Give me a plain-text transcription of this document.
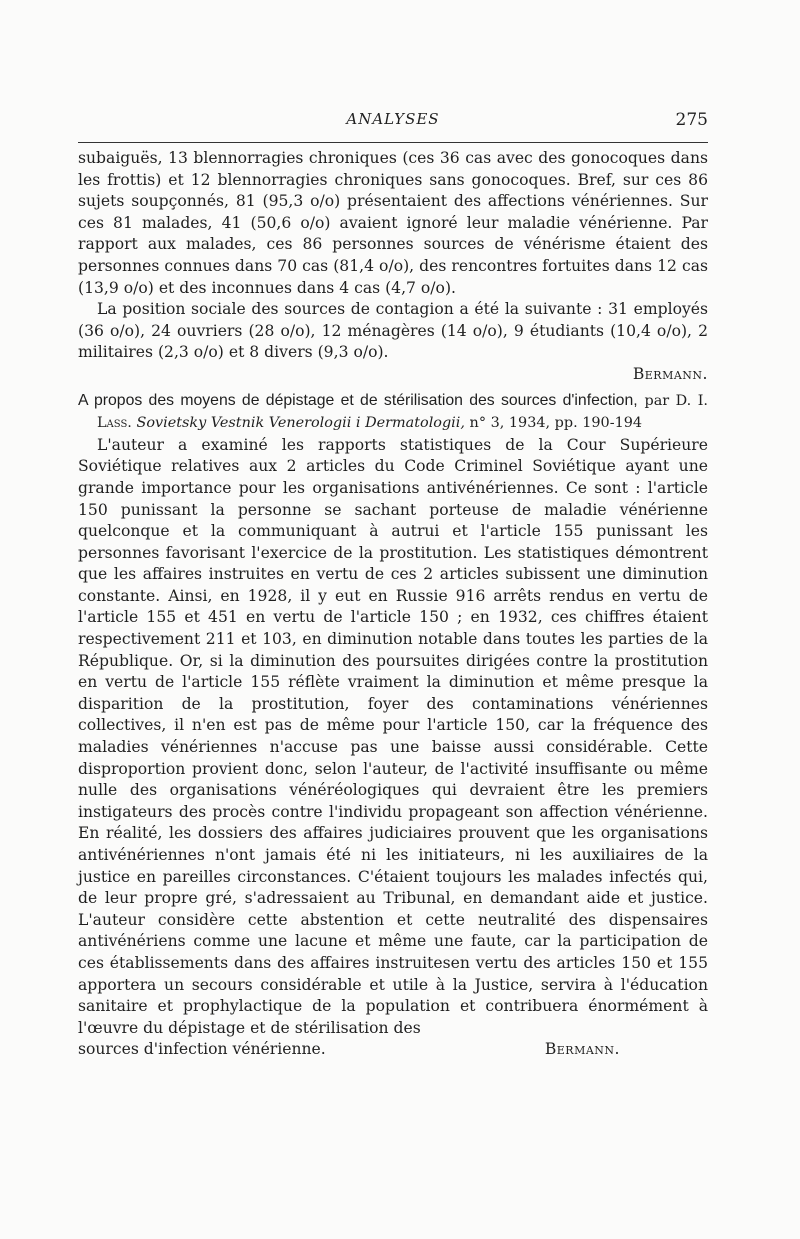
ANALYSES	275

subaiguës, 13 blennorragies chroniques (ces 36 cas avec des gonocoques dans les frottis) et 12 blennorragies chroniques sans gonocoques. Bref, sur ces 86 sujets soupçonnés, 81 (95,3 o/o) présentaient des affections vénériennes. Sur ces 81 malades, 41 (50,6 o/o) avaient ignoré leur maladie vénérienne. Par rapport aux malades, ces 86 personnes sources de vénérisme étaient des personnes connues dans 70 cas (81,4 o/o), des rencontres fortuites dans 12 cas (13,9 o/o) et des inconnues dans 4 cas (4,7 o/o).

La position sociale des sources de contagion a été la suivante : 31 employés (36 o/o), 24 ouvriers (28 o/o), 12 ménagères (14 o/o), 9 étudiants (10,4 o/o), 2 militaires (2,3 o/o) et 8 divers (9,3 o/o).

Bermann.
A propos des moyens de dépistage et de stérilisation des sources d'infection, par D. I. Lass. Sovietsky Vestnik Venerologii i Dermatologii, n° 3, 1934, pp. 190-194

L'auteur a examiné les rapports statistiques de la Cour Supérieure Soviétique relatives aux 2 articles du Code Criminel Soviétique ayant une grande importance pour les organisations antivénériennes. Ce sont : l'article 150 punissant la personne se sachant porteuse de maladie vénérienne quelconque et la communiquant à autrui et l'article 155 punissant les personnes favorisant l'exercice de la prostitution. Les statistiques démontrent que les affaires instruites en vertu de ces 2 articles subissent une diminution constante. Ainsi, en 1928, il y eut en Russie 916 arrêts rendus en vertu de l'article 155 et 451 en vertu de l'article 150 ; en 1932, ces chiffres étaient respectivement 211 et 103, en diminution notable dans toutes les parties de la République. Or, si la diminution des poursuites dirigées contre la prostitution en vertu de l'article 155 réflète vraiment la diminution et même presque la disparition de la prostitution, foyer des contaminations vénériennes collectives, il n'en est pas de même pour l'article 150, car la fréquence des maladies vénériennes n'accuse pas une baisse aussi considérable. Cette disproportion provient donc, selon l'auteur, de l'activité insuffisante ou même nulle des organisations vénéréologiques qui devraient être les premiers instigateurs des procès contre l'individu propageant son affection vénérienne. En réalité, les dossiers des affaires judiciaires prouvent que les organisations antivénériennes n'ont jamais été ni les initiateurs, ni les auxiliaires de la justice en pareilles circonstances. C'étaient toujours les malades infectés qui, de leur propre gré, s'adressaient au Tribunal, en demandant aide et justice. L'auteur considère cette abstention et cette neutralité des dispensaires antivénériens comme une lacune et même une faute, car la participation de ces établissements dans des affaires instruitesen vertu des articles 150 et 155 apportera un secours considérable et utile à la Justice, servira à l'éducation sanitaire et prophylactique de la population et contribuera énormément à l'œuvre du dépistage et de stérilisation des

sources d'infection vénérienne.	Bermann.
